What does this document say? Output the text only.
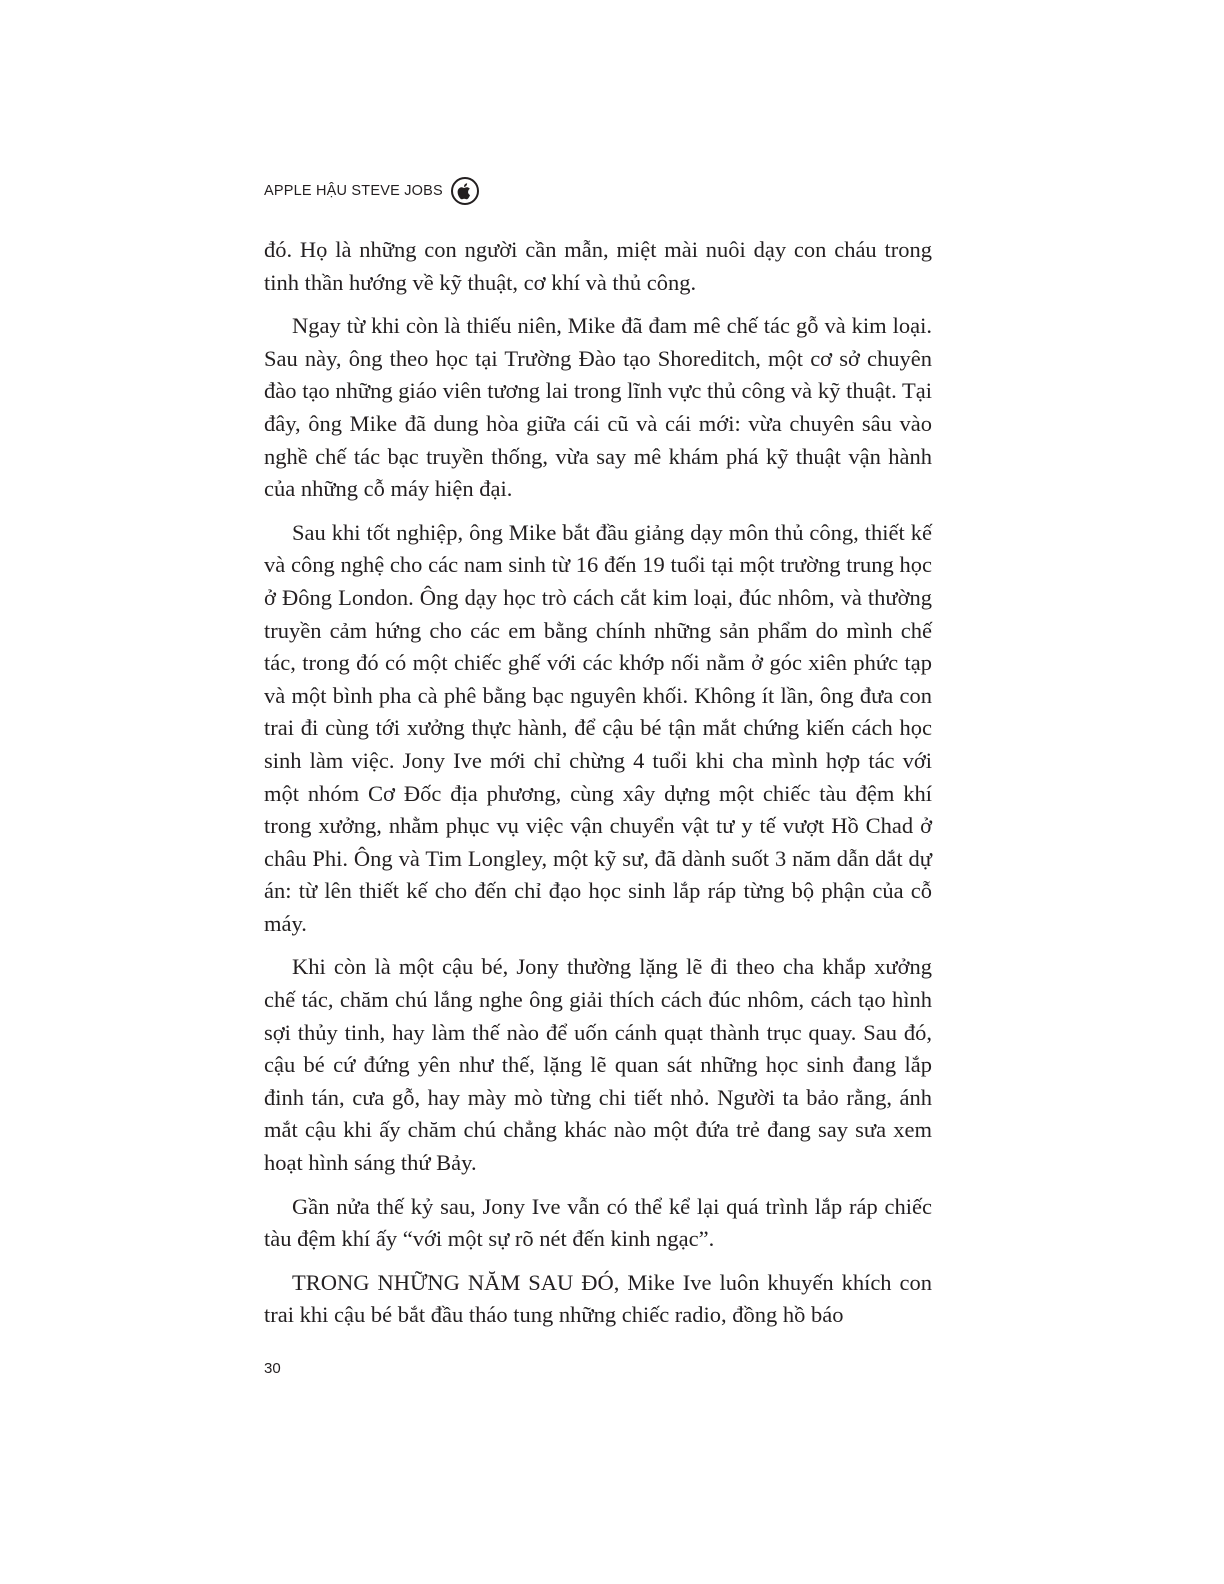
APPLE HẬU STEVE JOBS

đó. Họ là những con người cần mẫn, miệt mài nuôi dạy con cháu trong tinh thần hướng về kỹ thuật, cơ khí và thủ công.

Ngay từ khi còn là thiếu niên, Mike đã đam mê chế tác gỗ và kim loại. Sau này, ông theo học tại Trường Đào tạo Shoreditch, một cơ sở chuyên đào tạo những giáo viên tương lai trong lĩnh vực thủ công và kỹ thuật. Tại đây, ông Mike đã dung hòa giữa cái cũ và cái mới: vừa chuyên sâu vào nghề chế tác bạc truyền thống, vừa say mê khám phá kỹ thuật vận hành của những cỗ máy hiện đại.

Sau khi tốt nghiệp, ông Mike bắt đầu giảng dạy môn thủ công, thiết kế và công nghệ cho các nam sinh từ 16 đến 19 tuổi tại một trường trung học ở Đông London. Ông dạy học trò cách cắt kim loại, đúc nhôm, và thường truyền cảm hứng cho các em bằng chính những sản phẩm do mình chế tác, trong đó có một chiếc ghế với các khớp nối nằm ở góc xiên phức tạp và một bình pha cà phê bằng bạc nguyên khối. Không ít lần, ông đưa con trai đi cùng tới xưởng thực hành, để cậu bé tận mắt chứng kiến cách học sinh làm việc. Jony Ive mới chỉ chừng 4 tuổi khi cha mình hợp tác với một nhóm Cơ Đốc địa phương, cùng xây dựng một chiếc tàu đệm khí trong xưởng, nhằm phục vụ việc vận chuyển vật tư y tế vượt Hồ Chad ở châu Phi. Ông và Tim Longley, một kỹ sư, đã dành suốt 3 năm dẫn dắt dự án: từ lên thiết kế cho đến chỉ đạo học sinh lắp ráp từng bộ phận của cỗ máy.

Khi còn là một cậu bé, Jony thường lặng lẽ đi theo cha khắp xưởng chế tác, chăm chú lắng nghe ông giải thích cách đúc nhôm, cách tạo hình sợi thủy tinh, hay làm thế nào để uốn cánh quạt thành trục quay. Sau đó, cậu bé cứ đứng yên như thế, lặng lẽ quan sát những học sinh đang lắp đinh tán, cưa gỗ, hay mày mò từng chi tiết nhỏ. Người ta bảo rằng, ánh mắt cậu khi ấy chăm chú chẳng khác nào một đứa trẻ đang say sưa xem hoạt hình sáng thứ Bảy.

Gần nửa thế kỷ sau, Jony Ive vẫn có thể kể lại quá trình lắp ráp chiếc tàu đệm khí ấy “với một sự rõ nét đến kinh ngạc”.

TRONG NHỮNG NĂM SAU ĐÓ, Mike Ive luôn khuyến khích con trai khi cậu bé bắt đầu tháo tung những chiếc radio, đồng hồ báo

30
